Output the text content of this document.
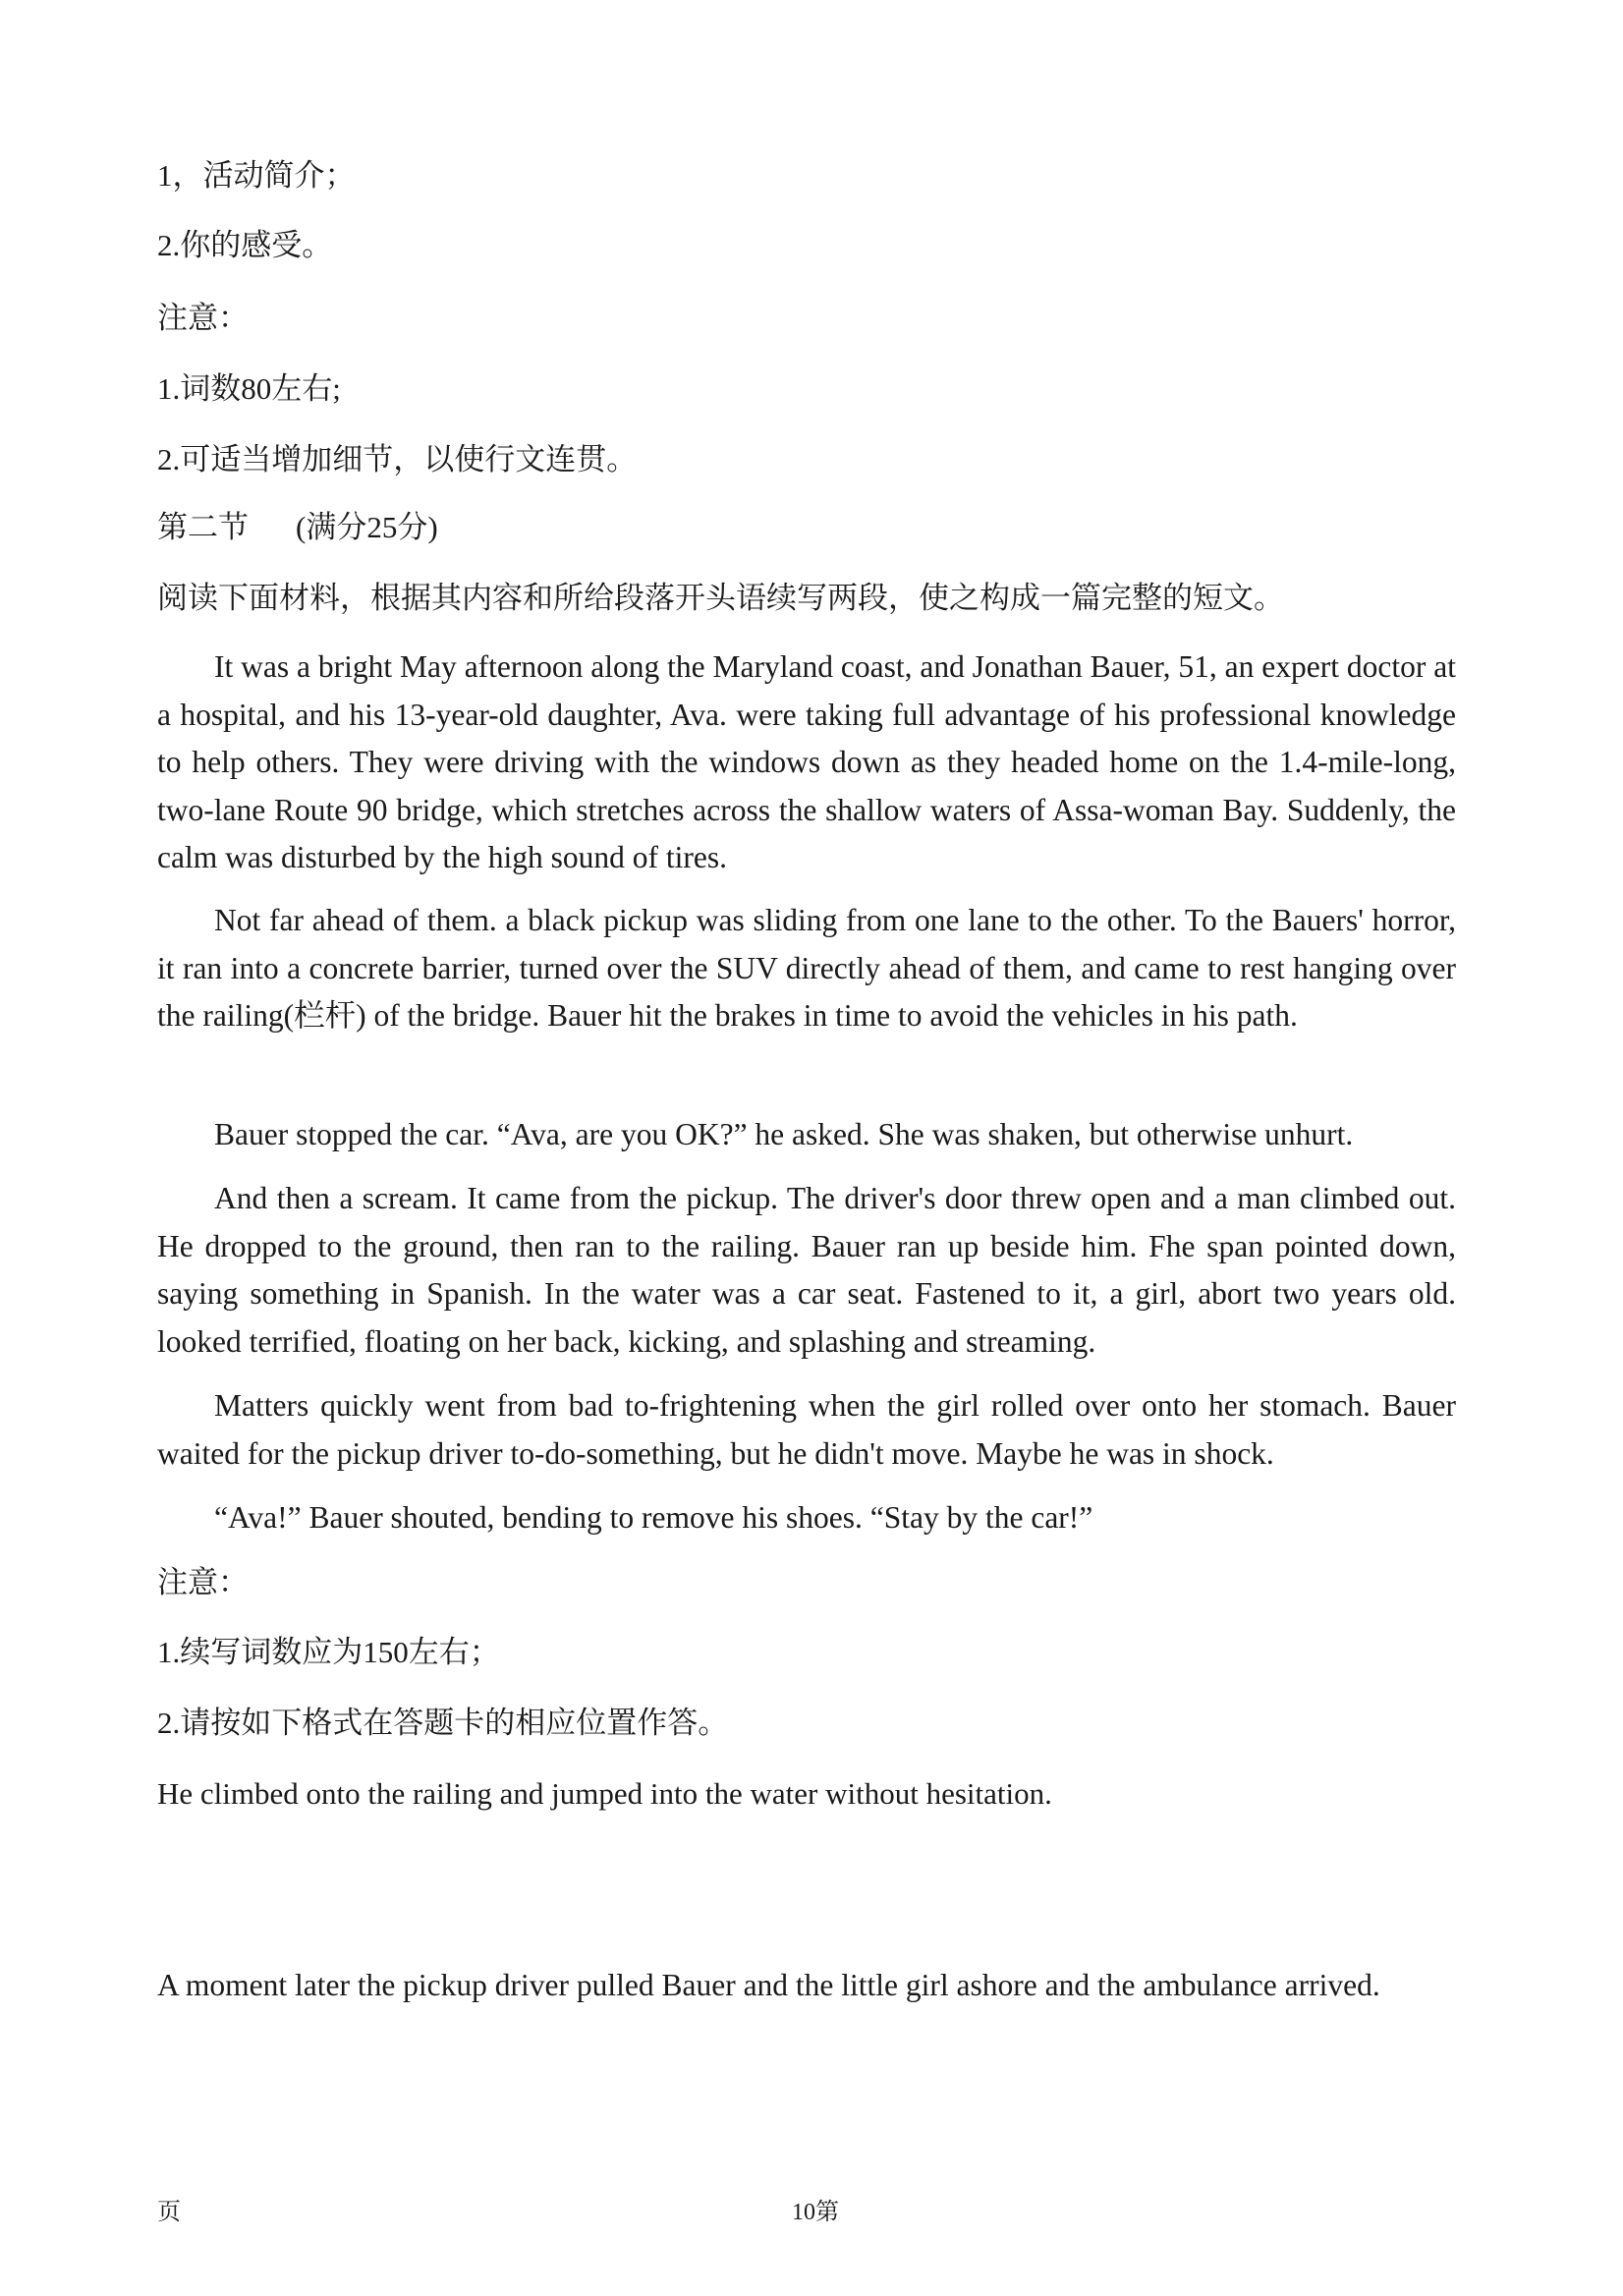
1，活动简介；
2.你的感受。
注意：
1.词数80左右;
2.可适当增加细节，以使行文连贯。
第二节 (满分25分)
阅读下面材料，根据其内容和所给段落开头语续写两段，使之构成一篇完整的短文。
It was a bright May afternoon along the Maryland coast, and Jonathan Bauer, 51, an expert doctor at a hospital, and his 13-year-old daughter, Ava. were taking full advantage of his professional knowledge to help others. They were driving with the windows down as they headed home on the 1.4-mile-long, two-lane Route 90 bridge, which stretches across the shallow waters of Assa-woman Bay. Suddenly, the calm was disturbed by the high sound of tires.
Not far ahead of them. a black pickup was sliding from one lane to the other. To the Bauers' horror, it ran into a concrete barrier, turned over the SUV directly ahead of them, and came to rest hanging over the railing(栏杆) of the bridge. Bauer hit the brakes in time to avoid the vehicles in his path.
Bauer stopped the car. “Ava, are you OK?” he asked. She was shaken, but otherwise unhurt.
And then a scream. It came from the pickup. The driver's door threw open and a man climbed out. He dropped to the ground, then ran to the railing. Bauer ran up beside him. Fhe span pointed down, saying something in Spanish. In the water was a car seat. Fastened to it, a girl, abort two years old. looked terrified, floating on her back, kicking, and splashing and streaming.
Matters quickly went from bad to-frightening when the girl rolled over onto her stomach. Bauer waited for the pickup driver to-do-something, but he didn't move. Maybe he was in shock.
“Ava!” Bauer shouted, bending to remove his shoes. “Stay by the car!”
注意：
1.续写词数应为150左右；
2.请按如下格式在答题卡的相应位置作答。
He climbed onto the railing and jumped into the water without hesitation.
A moment later the pickup driver pulled Bauer and the little girl ashore and the ambulance arrived.
页	10第
